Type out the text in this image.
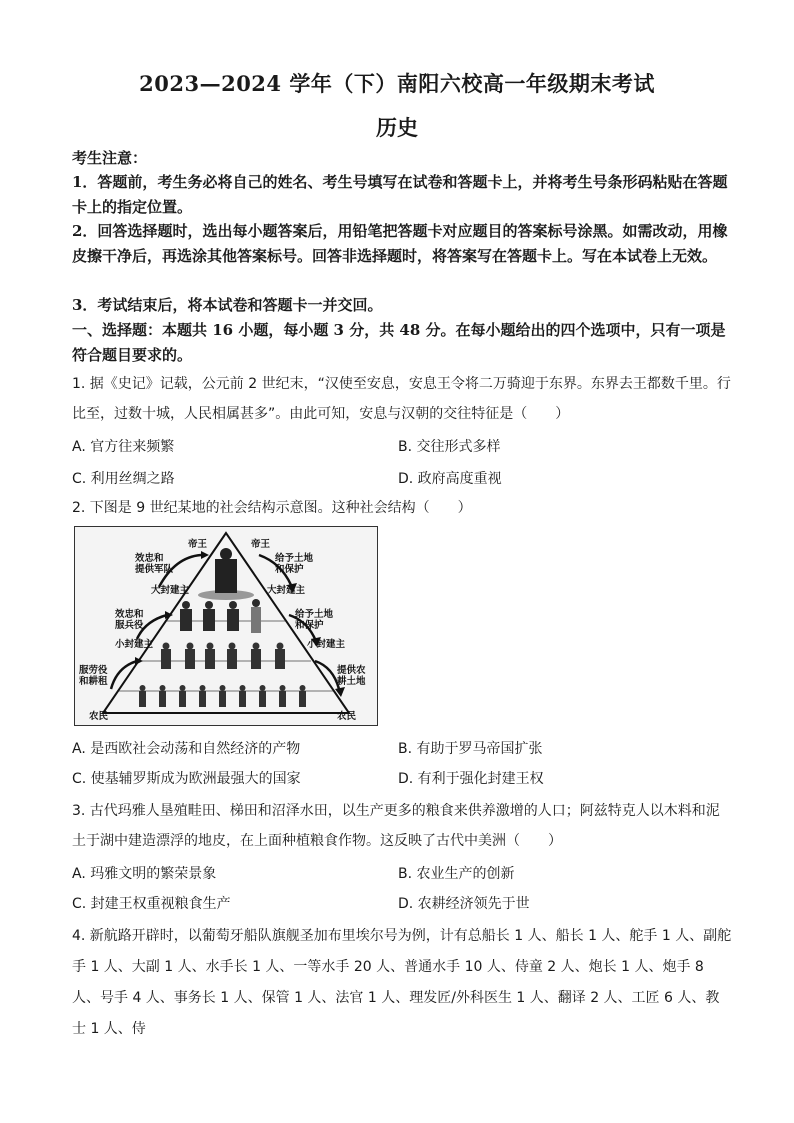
2023—2024 学年（下）南阳六校高一年级期末考试
历史
考生注意：
1．答题前，考生务必将自己的姓名、考生号填写在试卷和答题卡上，并将考生号条形码粘贴在答题卡上的指定位置。
2．回答选择题时，选出每小题答案后，用铅笔把答题卡对应题目的答案标号涂黑。如需改动，用橡皮擦干净后，再选涂其他答案标号。回答非选择题时，将答案写在答题卡上。写在本试卷上无效。
3．考试结束后，将本试卷和答题卡一并交回。
一、选择题：本题共 16 小题，每小题 3 分，共 48 分。在每小题给出的四个选项中，只有一项是符合题目要求的。
1. 据《史记》记载，公元前 2 世纪末，“汉使至安息，安息王令将二万骑迎于东界。东界去王都数千里。行比至，过数十城，人民相属甚多”。由此可知，安息与汉朝的交往特征是（　　）
A. 官方往来频繁	B. 交往形式多样
C. 利用丝绸之路	D. 政府高度重视
2. 下图是 9 世纪某地的社会结构示意图。这种社会结构（　　）
帝王	帝王
效忠和提供军队
给予土地和保护
大封建主	大封建主
效忠和服兵役
给予土地和保护
小封建主	小封建主
服劳役和耕租
提供农耕土地
农民	农民
A. 是西欧社会动荡和自然经济的产物	B. 有助于罗马帝国扩张
C. 使基辅罗斯成为欧洲最强大的国家	D. 有利于强化封建王权
3. 古代玛雅人垦殖畦田、梯田和沼泽水田，以生产更多的粮食来供养激增的人口；阿兹特克人以木料和泥土于湖中建造漂浮的地皮，在上面种植粮食作物。这反映了古代中美洲（　　）
A. 玛雅文明的繁荣景象	B. 农业生产的创新
C. 封建王权重视粮食生产	D. 农耕经济领先于世
4. 新航路开辟时，以葡萄牙船队旗舰圣加布里埃尔号为例，计有总船长 1 人、船长 1 人、舵手 1 人、副舵手 1 人、大副 1 人、水手长 1 人、一等水手 20 人、普通水手 10 人、侍童 2 人、炮长 1 人、炮手 8 人、号手 4 人、事务长 1 人、保管 1 人、法官 1 人、理发匠/外科医生 1 人、翻译 2 人、工匠 6 人、教士 1 人、侍
